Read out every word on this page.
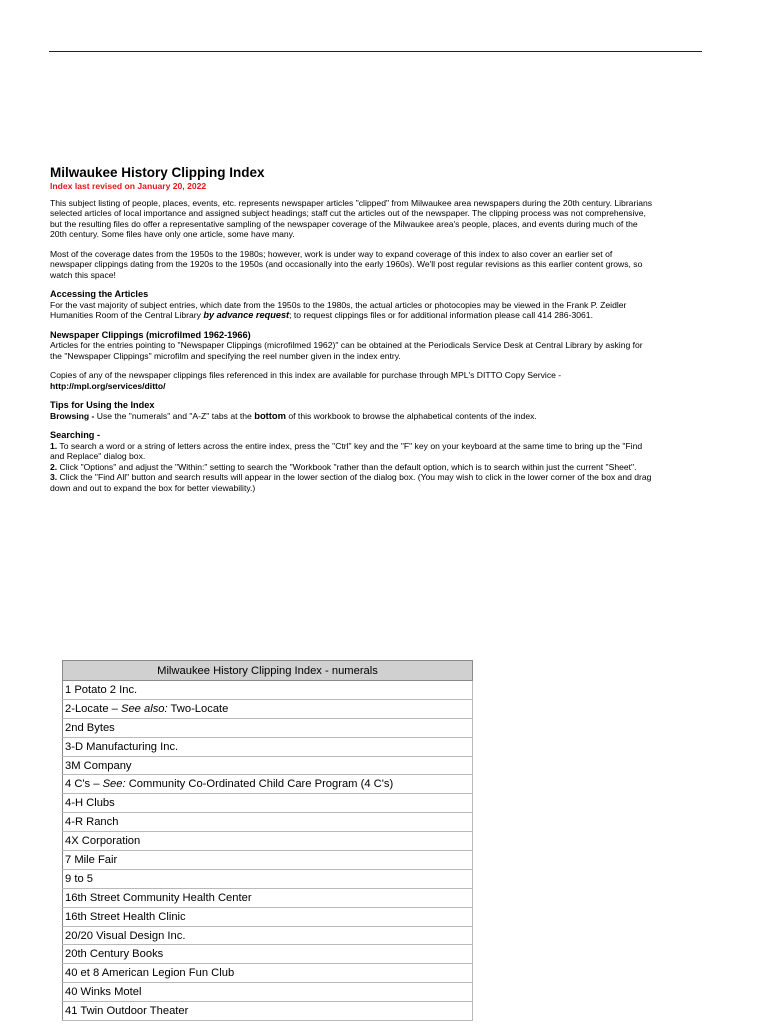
Milwaukee History Clipping Index

Index last revised on January 20, 2022

This subject listing of people, places, events, etc. represents newspaper articles "clipped" from Milwaukee area newspapers during the 20th century. Librarians selected articles of local importance and assigned subject headings; staff cut the articles out of the newspaper. The clipping process was not comprehensive, but the resulting files do offer a representative sampling of the newspaper coverage of the Milwaukee area's people, places, and events during much of the 20th century. Some files have only one article, some have many.

Most of the coverage dates from the 1950s to the 1980s; however, work is under way to expand coverage of this index to also cover an earlier set of newspaper clippings dating from the 1920s to the 1950s (and occasionally into the early 1960s). We'll post regular revisions as this earlier content grows, so watch this space!

Accessing the Articles

For the vast majority of subject entries, which date from the 1950s to the 1980s, the actual articles or photocopies may be viewed in the Frank P. Zeidler Humanities Room of the Central Library by advance request; to request clippings files or for additional information please call 414 286-3061.

Newspaper Clippings (microfilmed 1962-1966)

Articles for the entries pointing to "Newspaper Clippings (microfilmed 1962)" can be obtained at the Periodicals Service Desk at Central Library by asking for the "Newspaper Clippings" microfilm and specifying the reel number given in the index entry.

Copies of any of the newspaper clippings files referenced in this index are available for purchase through MPL's DITTO Copy Service -
http://mpl.org/services/ditto/

Tips for Using the Index

Browsing - Use the "numerals" and "A-Z" tabs at the bottom of this workbook to browse the alphabetical contents of the index.

Searching -

1. To search a word or a string of letters across the entire index, press the "Ctrl" key and the "F" key on your keyboard at the same time to bring up the "Find and Replace" dialog box.
2. Click "Options" and adjust the "Within:" setting to search the "Workbook "rather than the default option, which is to search within just the current "Sheet".
3. Click the "Find All" button and search results will appear in the lower section of the dialog box. (You may wish to click in the lower corner of the box and drag down and out to expand the box for better viewability.)

Milwaukee History Clipping Index - numerals
1 Potato 2 Inc.
2-Locate – See also: Two-Locate
2nd Bytes
3-D Manufacturing Inc.
3M Company
4 C's – See: Community Co-Ordinated Child Care Program (4 C's)
4-H Clubs
4-R Ranch
4X Corporation
7 Mile Fair
9 to 5
16th Street Community Health Center
16th Street Health Clinic
20/20 Visual Design Inc.
20th Century Books
40 et 8 American Legion Fun Club
40 Winks Motel
41 Twin Outdoor Theater
